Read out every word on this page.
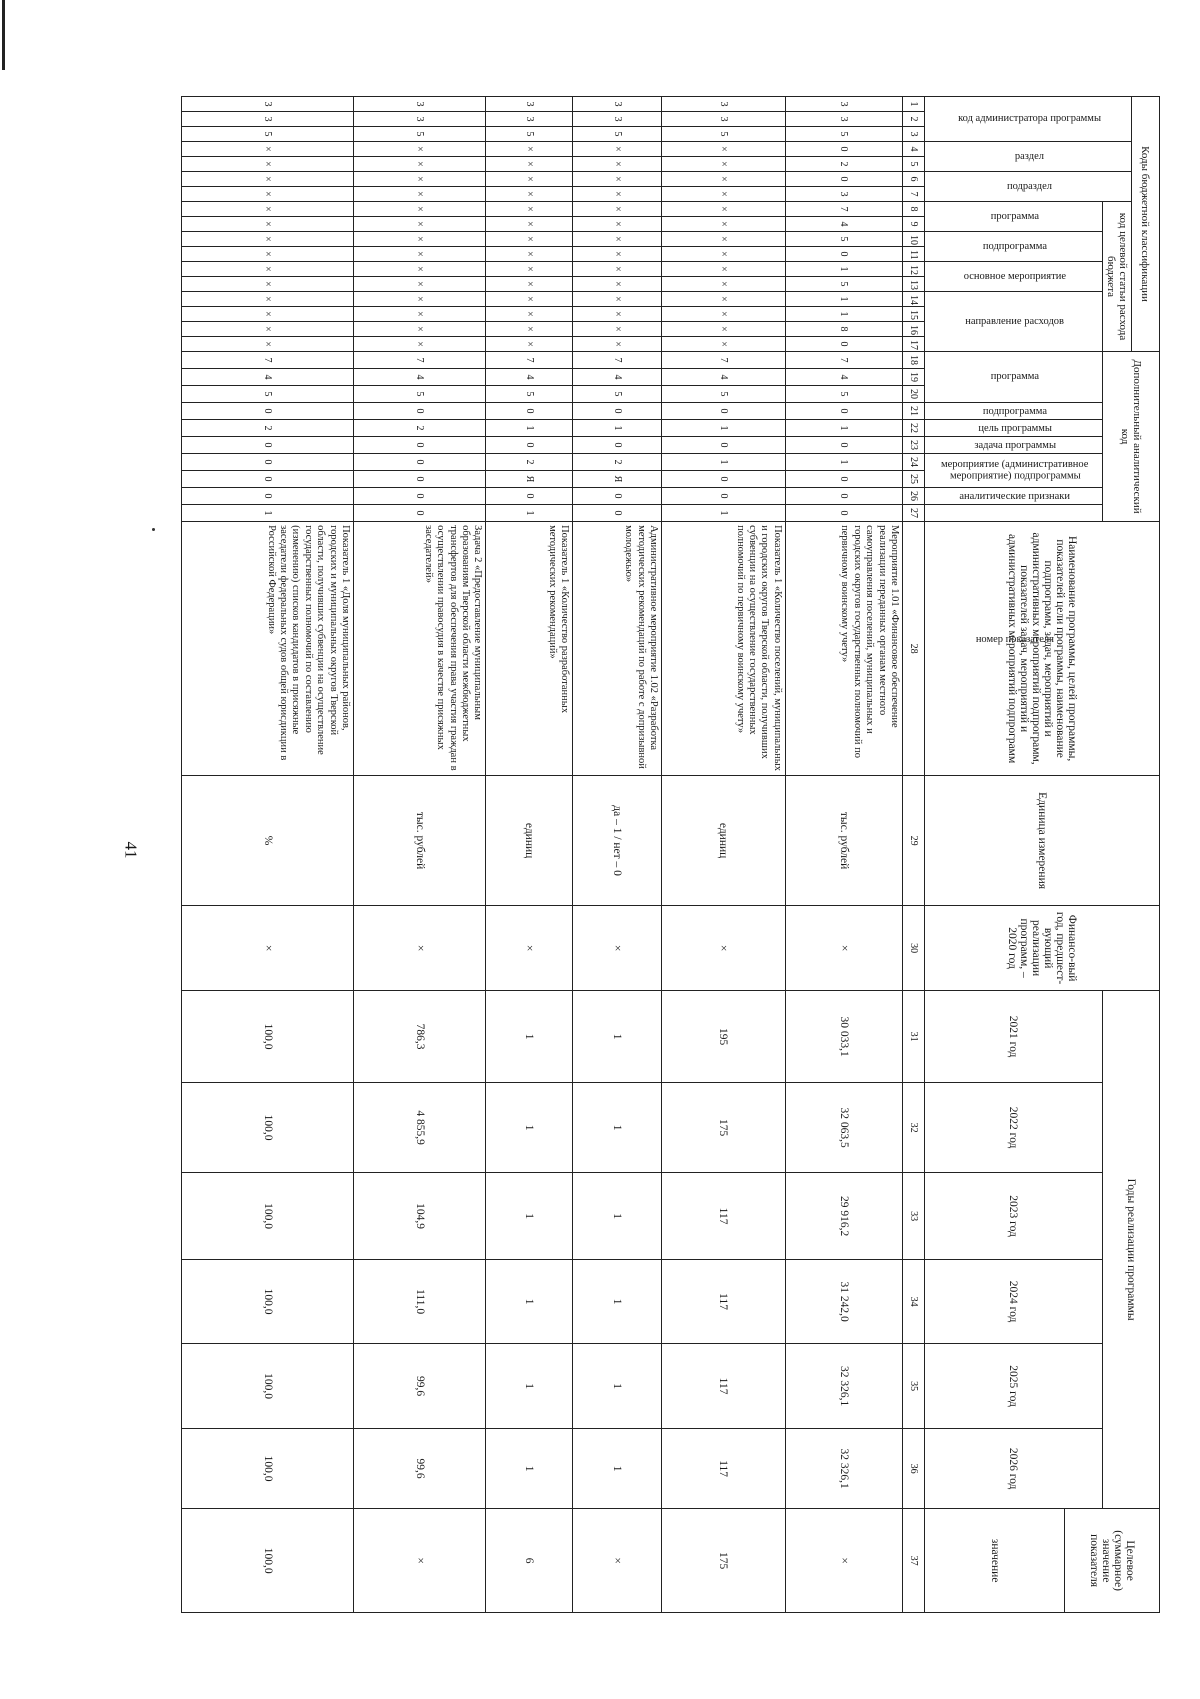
41
Коды бюджетной классификации																	Дополнительный аналитический код										Наименование программы, целей программы, показателей цели программы, наименование подпрограмм, задач, мероприятий и административных мероприятий подпрограмм, показателей задач, мероприятий и административных мероприятий подпрограмм	Единица измерения	Финансо-вый год, предшест-вующий реализации программ, – 2020 год	Годы реализации программы						Целевое (суммарное) значение показателя
код администратора программы			раздел		подраздел		код целевой статьи расхода бюджета																													
							программа		подпрограмма		основное мероприятие		направление расходов				программа			подпрограмма	цель программы	задача программы	мероприятие (административное мероприятие) подпрограммы		аналитические признаки	номер показателя				2021 год	2022 год	2023 год	2024 год	2025 год	2026 год	
																																				значение
1	2	3	4	5	6	7	8	9	10	11	12	13	14	15	16	17	18	19	20	21	22	23	24	25	26	27	28	29	30	31	32	33	34	35	36	37
3	3	5	0	2	0	3	7	4	5	0	1	5	1	1	8	0	7	4	5	0	1	0	1	0	0	0	Мероприятие 1.01 «Финансовое обеспечение реализации переданных органам местного самоуправления поселений, муниципальных и городских округов государственных полномочий по первичному воинскому учету»	тыс. рублей	×	30 033,1	32 063,5	29 916,2	31 242,0	32 326,1	32 326,1	×
3	3	5	×	×	×	×	×	×	×	×	×	×	×	×	×	×	7	4	5	0	1	0	1	0	0	1	Показатель 1 «Количество поселений, муниципальных и городских округов Тверской области, получивших субвенции на осуществление государственных полномочий по первичному воинскому учету»	единиц	×	195	175	117	117	117	117	175
3	3	5	×	×	×	×	×	×	×	×	×	×	×	×	×	×	7	4	5	0	1	0	2	Я	0	0	Административное мероприятие 1.02 «Разработка методических рекомендаций по работе с допризывной молодежью»	да – 1 / нет – 0	×	1	1	1	1	1	1	×
3	3	5	×	×	×	×	×	×	×	×	×	×	×	×	×	×	7	4	5	0	1	0	2	Я	0	1	Показатель 1 «Количество разработанных методических рекомендаций»	единиц	×	1	1	1	1	1	1	6
3	3	5	×	×	×	×	×	×	×	×	×	×	×	×	×	×	7	4	5	0	2	0	0	0	0	0	Задача 2 «Предоставление муниципальным образованиям Тверской области межбюджетных трансфертов для обеспечения права участия граждан в осуществлении правосудия в качестве присяжных заседателей»	тыс. рублей	×	786,3	4 855,9	104,9	111,0	99,6	99,6	×
3	3	5	×	×	×	×	×	×	×	×	×	×	×	×	×	×	7	4	5	0	2	0	0	0	0	1	Показатель 1 «Доля муниципальных районов, городских и муниципальных округов Тверской области, получивших субвенции на осуществление государственных полномочий по составлению (изменению) списков кандидатов в присяжные заседатели федеральных судов общей юрисдикции в Российской Федерации»	%	×	100,0	100,0	100,0	100,0	100,0	100,0	100,0
